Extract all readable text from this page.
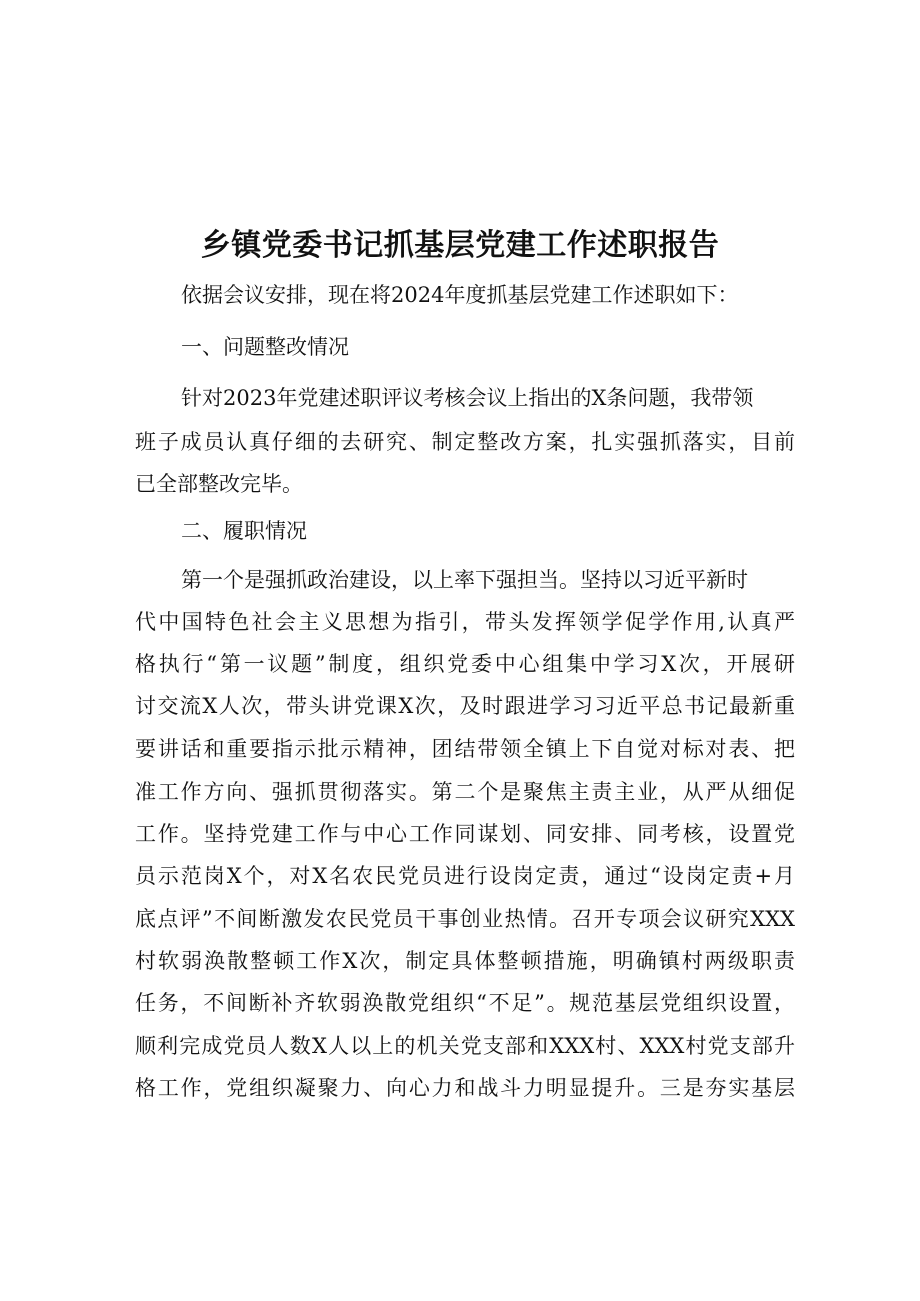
乡镇党委书记抓基层党建工作述职报告

依据会议安排，现在将2024年度抓基层党建工作述职如下：

一、问题整改情况

针对2023年党建述职评议考核会议上指出的X条问题，我带领

班子成员认真仔细的去研究、制定整改方案，扎实强抓落实，目前

已全部整改完毕。

二、履职情况

第一个是强抓政治建设，以上率下强担当。坚持以习近平新时

代中国特色社会主义思想为指引，带头发挥领学促学作用,认真严

格执行“第一议题”制度，组织党委中心组集中学习X次，开展研

讨交流X人次，带头讲党课X次，及时跟进学习习近平总书记最新重

要讲话和重要指示批示精神，团结带领全镇上下自觉对标对表、把

准工作方向、强抓贯彻落实。第二个是聚焦主责主业，从严从细促

工作。坚持党建工作与中心工作同谋划、同安排、同考核，设置党

员示范岗X个，对X名农民党员进行设岗定责，通过“设岗定责+月

底点评”不间断激发农民党员干事创业热情。召开专项会议研究XXX

村软弱涣散整顿工作X次，制定具体整顿措施，明确镇村两级职责

任务，不间断补齐软弱涣散党组织“不足”。规范基层党组织设置，

顺利完成党员人数X人以上的机关党支部和XXX村、XXX村党支部升

格工作，党组织凝聚力、向心力和战斗力明显提升。三是夯实基层
